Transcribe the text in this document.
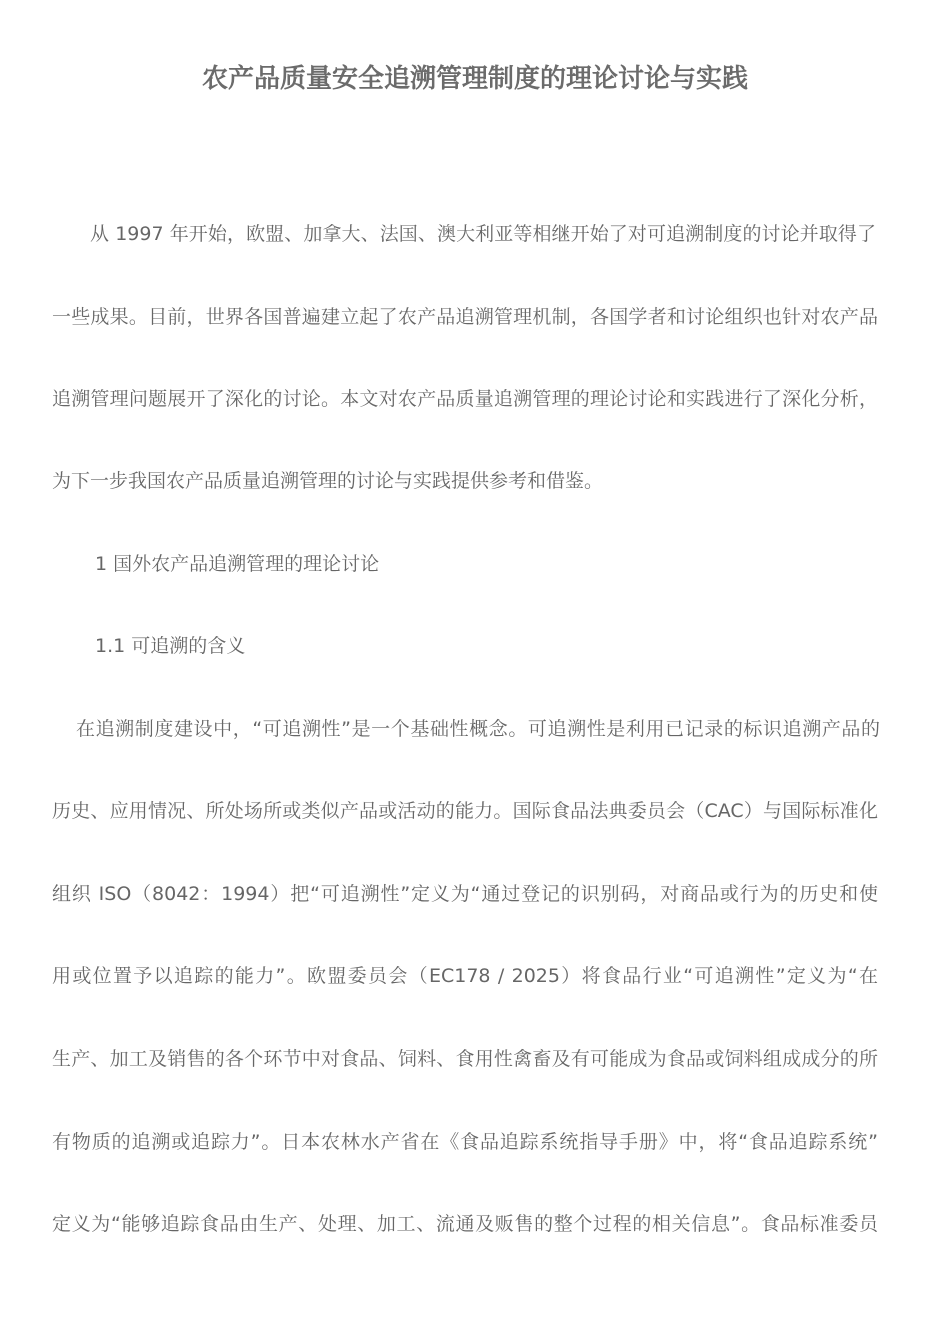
农产品质量安全追溯管理制度的理论讨论与实践
从 1997 年开始，欧盟、加拿大、法国、澳大利亚等相继开始了对可追溯制度的讨论并取得了
一些成果。目前，世界各国普遍建立起了农产品追溯管理机制，各国学者和讨论组织也针对农产品
追溯管理问题展开了深化的讨论。本文对农产品质量追溯管理的理论讨论和实践进行了深化分析，
为下一步我国农产品质量追溯管理的讨论与实践提供参考和借鉴。
1 国外农产品追溯管理的理论讨论
1.1 可追溯的含义
在追溯制度建设中，“可追溯性”是一个基础性概念。可追溯性是利用已记录的标识追溯产品的
历史、应用情况、所处场所或类似产品或活动的能力。国际食品法典委员会（CAC）与国际标准化
组织 ISO（8042：1994）把“可追溯性”定义为“通过登记的识别码，对商品或行为的历史和使
用或位置予以追踪的能力”。欧盟委员会（EC178 / 2025）将食品行业“可追溯性”定义为“在
生产、加工及销售的各个环节中对食品、饲料、食用性禽畜及有可能成为食品或饲料组成成分的所
有物质的追溯或追踪力”。日本农林水产省在《食品追踪系统指导手册》中，将“食品追踪系统”
定义为“能够追踪食品由生产、处理、加工、流通及贩售的整个过程的相关信息”。食品标准委员
